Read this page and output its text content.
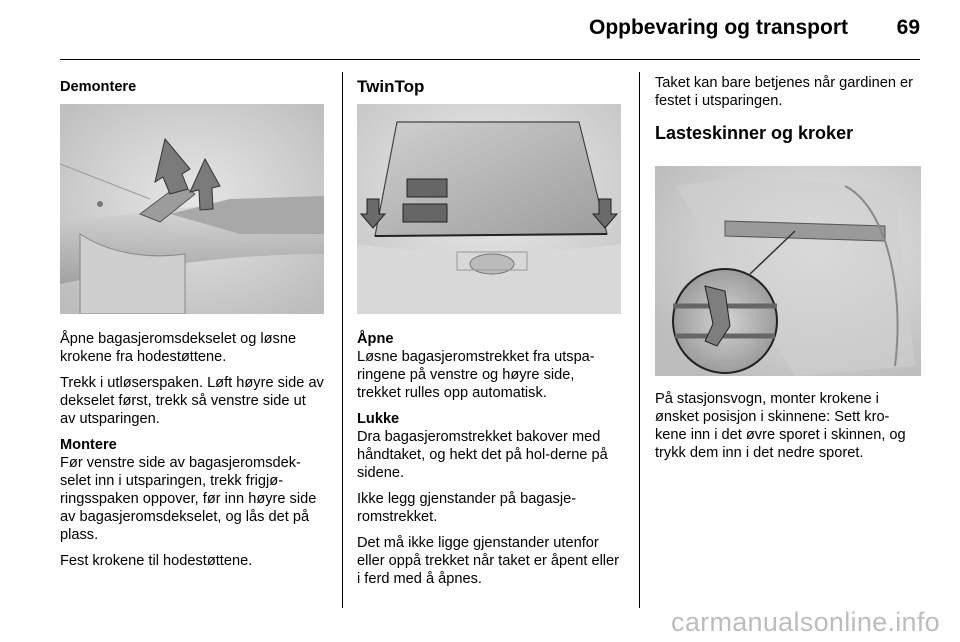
Oppbevaring og transport 69
Demontere

Åpne bagasjeromsdekselet og løsne krokene fra hodestøttene.

Trekk i utløserspaken. Løft høyre side av dekselet først, trekk så venstre side ut av utsparingen.

Montere

Før venstre side av bagasjeromsdek-selet inn i utsparingen, trekk frigjø-ringsspaken oppover, før inn høyre side av bagasjeromsdekselet, og lås det på plass.

Fest krokene til hodestøttene.

TwinTop
Åpne

Løsne bagasjeromstrekket fra utspa-ringene på venstre og høyre side, trekket rulles opp automatisk.

Lukke

Dra bagasjeromstrekket bakover med håndtaket, og hekt det på hol-derne på sidene.

Ikke legg gjenstander på bagasje-romstrekket.

Det må ikke ligge gjenstander utenfor eller oppå trekket når taket er åpent eller i ferd med å åpnes.

Taket kan bare betjenes når gardinen er festet i utsparingen.

Lasteskinner og kroker

På stasjonsvogn, monter krokene i ønsket posisjon i skinnene: Sett kro-kene inn i det øvre sporet i skinnen, og trykk dem inn i det nedre sporet.

carmanualsonline.info
